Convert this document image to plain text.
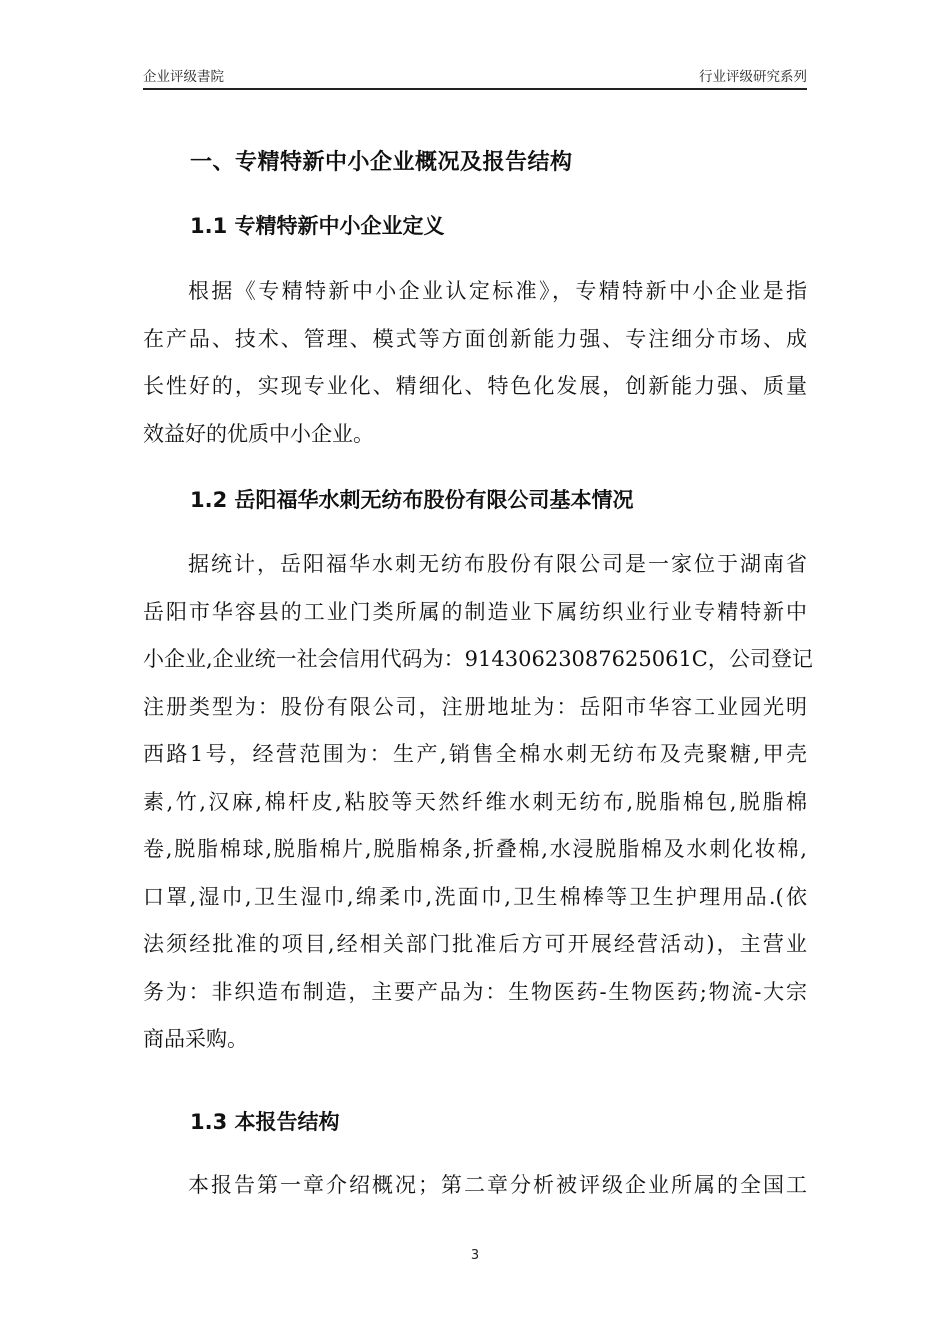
企业评级書院	行业评级研究系列
一、专精特新中小企业概况及报告结构
1.1 专精特新中小企业定义
根据《专精特新中小企业认定标准》，专精特新中小企业是指
在产品、技术、管理、模式等方面创新能力强、专注细分市场、成
长性好的，实现专业化、精细化、特色化发展，创新能力强、质量
效益好的优质中小企业。
1.2 岳阳福华水刺无纺布股份有限公司基本情况
据统计，岳阳福华水刺无纺布股份有限公司是一家位于湖南省
岳阳市华容县的工业门类所属的制造业下属纺织业行业专精特新中
小企业,企业统一社会信用代码为：91430623087625061C，公司登记
注册类型为：股份有限公司，注册地址为：岳阳市华容工业园光明
西路1号，经营范围为：生产,销售全棉水刺无纺布及壳聚糖,甲壳
素,竹,汉麻,棉杆皮,粘胶等天然纤维水刺无纺布,脱脂棉包,脱脂棉
卷,脱脂棉球,脱脂棉片,脱脂棉条,折叠棉,水浸脱脂棉及水刺化妆棉,
口罩,湿巾,卫生湿巾,绵柔巾,洗面巾,卫生棉棒等卫生护理用品.(依
法须经批准的项目,经相关部门批准后方可开展经营活动)，主营业
务为：非织造布制造，主要产品为：生物医药-生物医药;物流-大宗
商品采购。
1.3 本报告结构
本报告第一章介绍概况；第二章分析被评级企业所属的全国工
3
